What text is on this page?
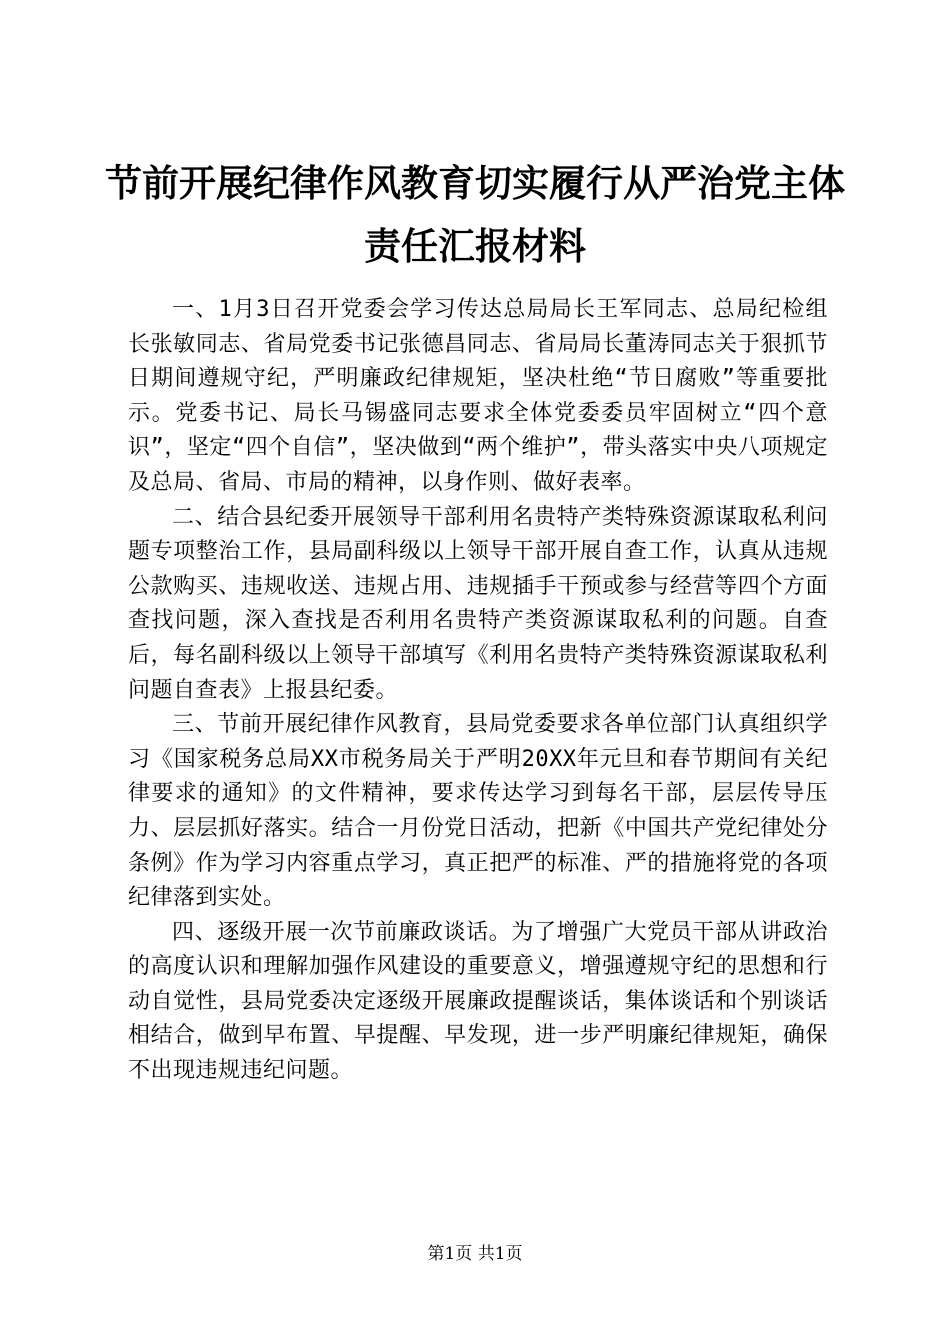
节前开展纪律作风教育切实履行从严治党主体
责任汇报材料

一、1月3日召开党委会学习传达总局局长王军同志、总局纪检组长张敏同志、省局党委书记张德昌同志、省局局长董涛同志关于狠抓节日期间遵规守纪，严明廉政纪律规矩，坚决杜绝“节日腐败”等重要批示。党委书记、局长马锡盛同志要求全体党委委员牢固树立“四个意识”，坚定“四个自信”，坚决做到“两个维护”，带头落实中央八项规定及总局、省局、市局的精神，以身作则、做好表率。

二、结合县纪委开展领导干部利用名贵特产类特殊资源谋取私利问题专项整治工作，县局副科级以上领导干部开展自查工作，认真从违规公款购买、违规收送、违规占用、违规插手干预或参与经营等四个方面查找问题，深入查找是否利用名贵特产类资源谋取私利的问题。自查后，每名副科级以上领导干部填写《利用名贵特产类特殊资源谋取私利问题自查表》上报县纪委。

三、节前开展纪律作风教育，县局党委要求各单位部门认真组织学习《国家税务总局XX市税务局关于严明20XX年元旦和春节期间有关纪律要求的通知》的文件精神，要求传达学习到每名干部，层层传导压力、层层抓好落实。结合一月份党日活动，把新《中国共产党纪律处分条例》作为学习内容重点学习，真正把严的标准、严的措施将党的各项纪律落到实处。

四、逐级开展一次节前廉政谈话。为了增强广大党员干部从讲政治的高度认识和理解加强作风建设的重要意义，增强遵规守纪的思想和行动自觉性，县局党委决定逐级开展廉政提醒谈话，集体谈话和个别谈话相结合，做到早布置、早提醒、早发现，进一步严明廉纪律规矩，确保不出现违规违纪问题。

第1页 共1页
